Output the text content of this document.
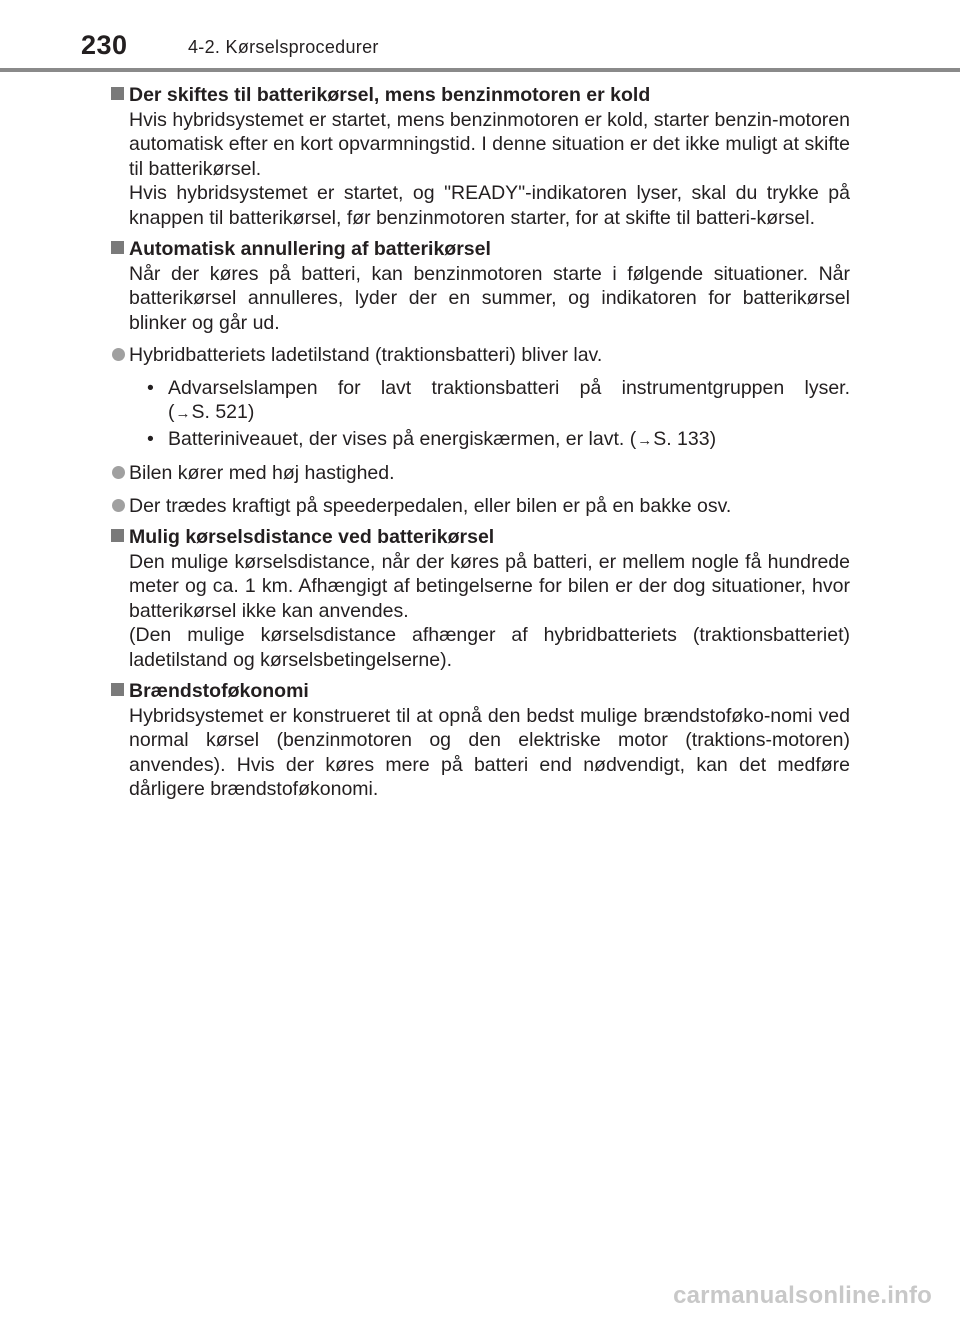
230	4-2. Kørselsprocedurer
Der skiftes til batterikørsel, mens benzinmotoren er kold
Hvis hybridsystemet er startet, mens benzinmotoren er kold, starter benzin-motoren automatisk efter en kort opvarmningstid. I denne situation er det ikke muligt at skifte til batterikørsel.
Hvis hybridsystemet er startet, og "READY"-indikatoren lyser, skal du trykke på knappen til batterikørsel, før benzinmotoren starter, for at skifte til batteri-kørsel.
Automatisk annullering af batterikørsel
Når der køres på batteri, kan benzinmotoren starte i følgende situationer. Når batterikørsel annulleres, lyder der en summer, og indikatoren for batterikørsel blinker og går ud.
Hybridbatteriets ladetilstand (traktionsbatteri) bliver lav.
• Advarselslampen for lavt traktionsbatteri på instrumentgruppen lyser. (→S. 521)
• Batteriniveauet, der vises på energiskærmen, er lavt. (→S. 133)
Bilen kører med høj hastighed.
Der trædes kraftigt på speederpedalen, eller bilen er på en bakke osv.
Mulig kørselsdistance ved batterikørsel
Den mulige kørselsdistance, når der køres på batteri, er mellem nogle få hundrede meter og ca. 1 km. Afhængigt af betingelserne for bilen er der dog situationer, hvor batterikørsel ikke kan anvendes.
(Den mulige kørselsdistance afhænger af hybridbatteriets (traktionsbatteriet) ladetilstand og kørselsbetingelserne).
Brændstoføkonomi
Hybridsystemet er konstrueret til at opnå den bedst mulige brændstoføko-nomi ved normal kørsel (benzinmotoren og den elektriske motor (traktions-motoren) anvendes). Hvis der køres mere på batteri end nødvendigt, kan det medføre dårligere brændstoføkonomi.
carmanualsonline.info
